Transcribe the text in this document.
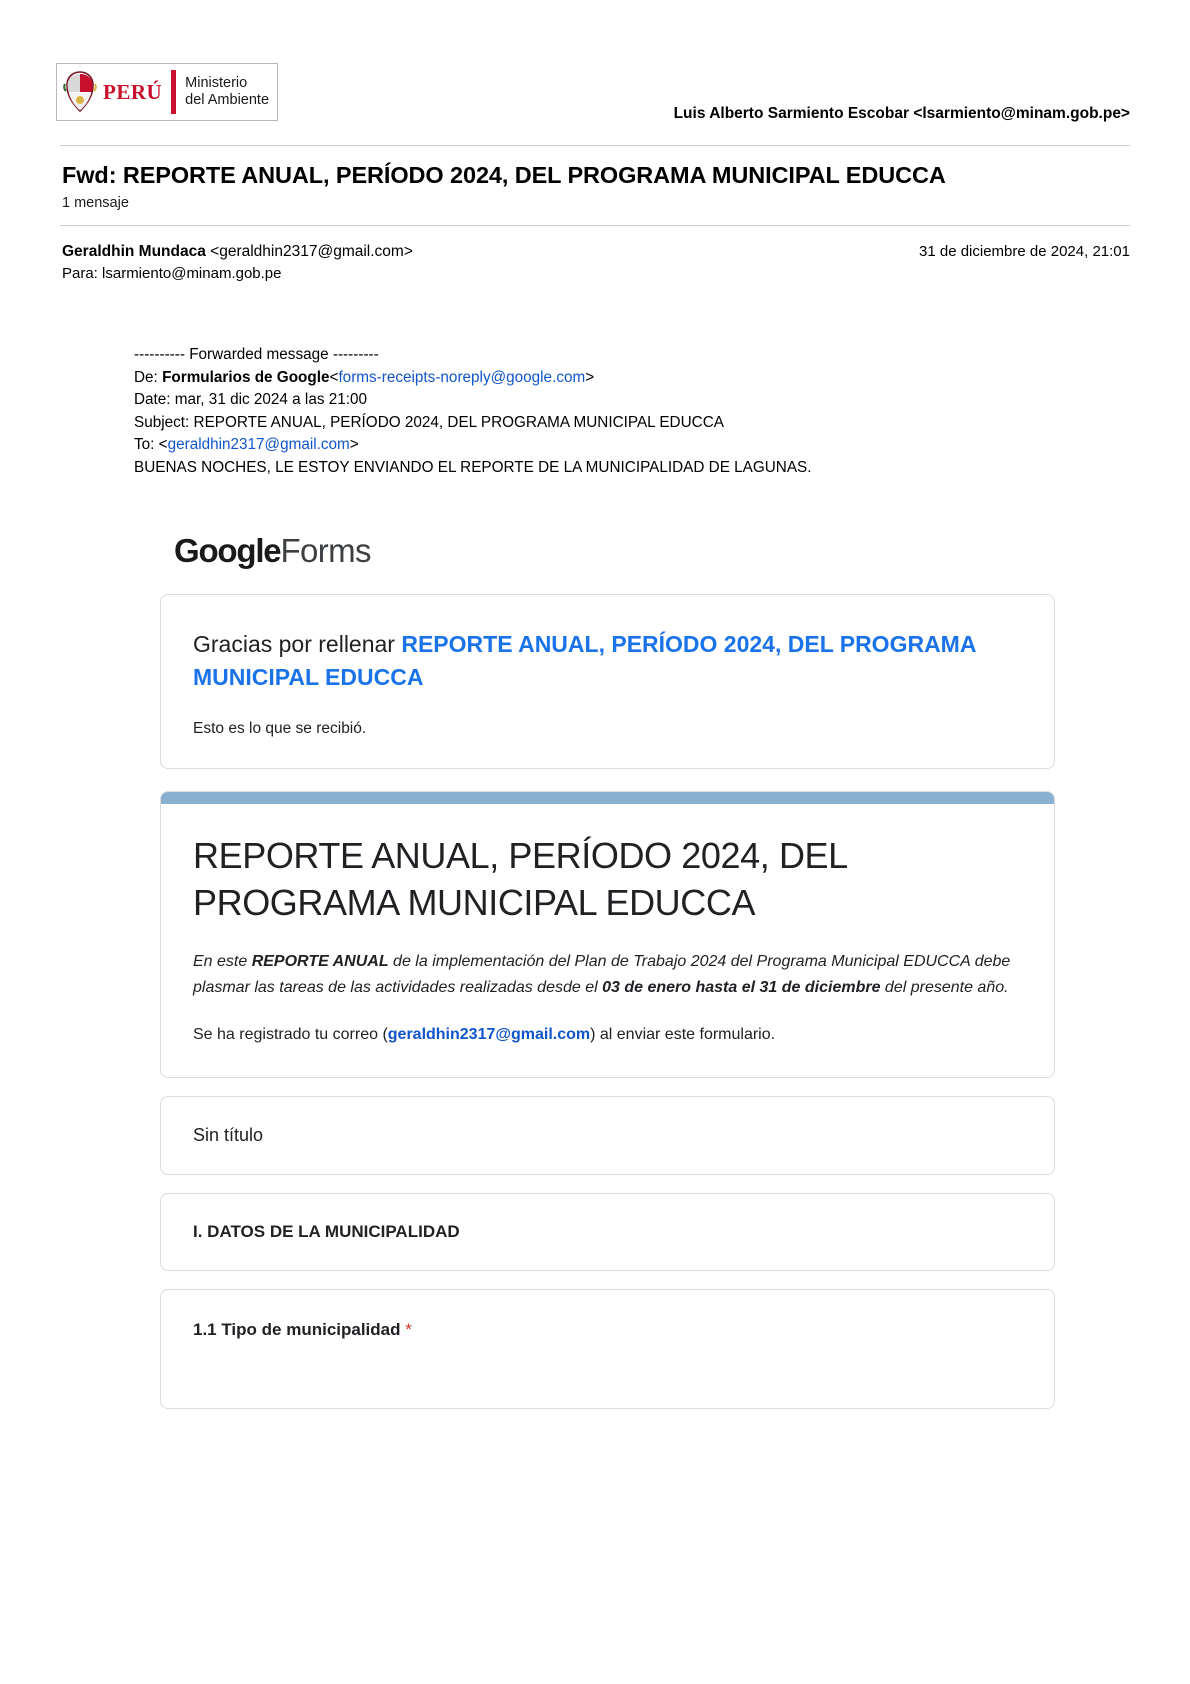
PERÚ Ministerio
del Ambiente
Luis Alberto Sarmiento Escobar <lsarmiento@minam.gob.pe>
Fwd: REPORTE ANUAL, PERÍODO 2024, DEL PROGRAMA MUNICIPAL EDUCCA
1 mensaje
Geraldhin Mundaca <geraldhin2317@gmail.com>	31 de diciembre de 2024, 21:01
Para: lsarmiento@minam.gob.pe
---------- Forwarded message ---------
De: Formularios de Google<forms-receipts-noreply@google.com>
Date: mar, 31 dic 2024 a las 21:00
Subject: REPORTE ANUAL, PERÍODO 2024, DEL PROGRAMA MUNICIPAL EDUCCA
To: <geraldhin2317@gmail.com>
BUENAS NOCHES, LE ESTOY ENVIANDO EL REPORTE DE LA MUNICIPALIDAD DE LAGUNAS.
GoogleForms
Gracias por rellenar REPORTE ANUAL, PERÍODO 2024, DEL PROGRAMA MUNICIPAL EDUCCA
Esto es lo que se recibió.
REPORTE ANUAL, PERÍODO 2024, DEL PROGRAMA MUNICIPAL EDUCCA
En este REPORTE ANUAL de la implementación del Plan de Trabajo 2024 del Programa Municipal EDUCCA debe plasmar las tareas de las actividades realizadas desde el 03 de enero hasta el 31 de diciembre del presente año.
Se ha registrado tu correo (geraldhin2317@gmail.com) al enviar este formulario.
Sin título
I. DATOS DE LA MUNICIPALIDAD
1.1 Tipo de municipalidad *
